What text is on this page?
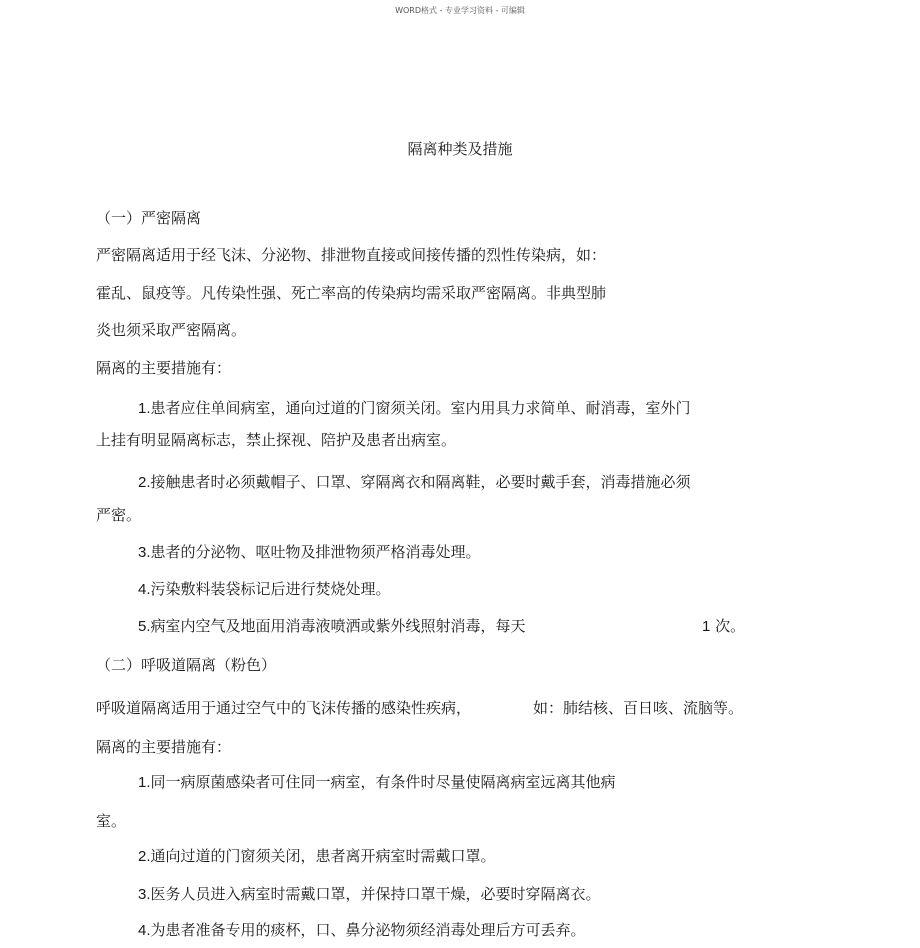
WORD格式 - 专业学习资料 - 可编辑
隔离种类及措施
（一）严密隔离
严密隔离适用于经飞沫、分泌物、排泄物直接或间接传播的烈性传染病，如：
霍乱、鼠疫等。凡传染性强、死亡率高的传染病均需采取严密隔离。非典型肺
炎也须采取严密隔离。
隔离的主要措施有：
1.患者应住单间病室，通向过道的门窗须关闭。室内用具力求简单、耐消毒，室外门
上挂有明显隔离标志，禁止探视、陪护及患者出病室。
2.接触患者时必须戴帽子、口罩、穿隔离衣和隔离鞋，必要时戴手套，消毒措施必须
严密。
3.患者的分泌物、呕吐物及排泄物须严格消毒处理。
4.污染敷料装袋标记后进行焚烧处理。
5.病室内空气及地面用消毒液喷洒或紫外线照射消毒，每天	1 次。
（二）呼吸道隔离（粉色）
呼吸道隔离适用于通过空气中的飞沫传播的感染性疾病，	如：肺结核、百日咳、流脑等。
隔离的主要措施有：
1.同一病原菌感染者可住同一病室，有条件时尽量使隔离病室远离其他病
室。
2.通向过道的门窗须关闭，患者离开病室时需戴口罩。
3.医务人员进入病室时需戴口罩，并保持口罩干燥，必要时穿隔离衣。
4.为患者准备专用的痰杯，口、鼻分泌物须经消毒处理后方可丢弃。
